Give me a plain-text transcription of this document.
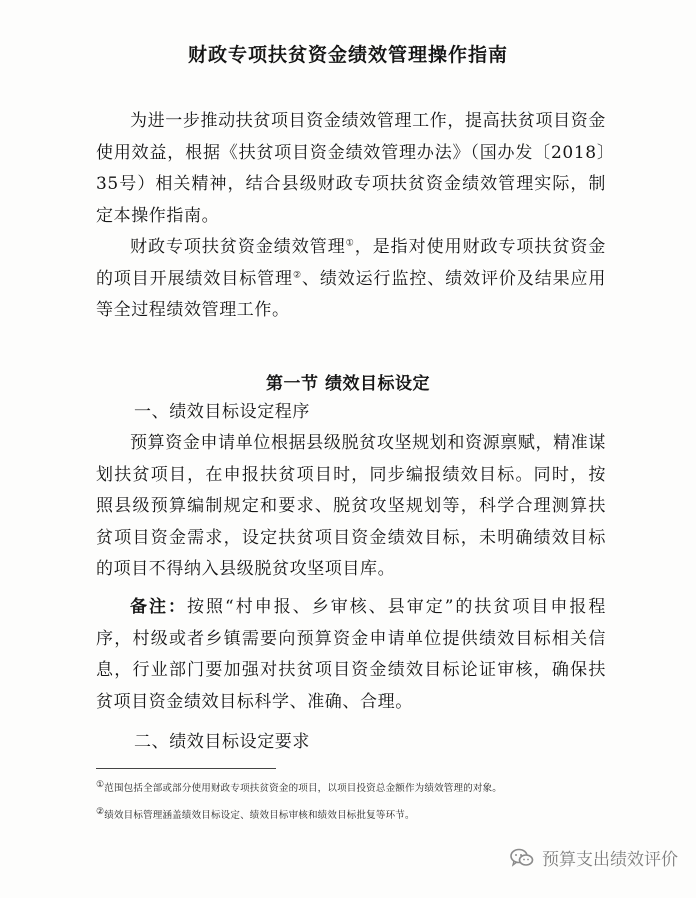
财政专项扶贫资金绩效管理操作指南

为进一步推动扶贫项目资金绩效管理工作，提高扶贫项目资金使用效益，根据《扶贫项目资金绩效管理办法》（国办发〔2018〕35号）相关精神，结合县级财政专项扶贫资金绩效管理实际，制定本操作指南。

财政专项扶贫资金绩效管理①，是指对使用财政专项扶贫资金的项目开展绩效目标管理②、绩效运行监控、绩效评价及结果应用等全过程绩效管理工作。

第一节 绩效目标设定
一、绩效目标设定程序

预算资金申请单位根据县级脱贫攻坚规划和资源禀赋，精准谋划扶贫项目，在申报扶贫项目时，同步编报绩效目标。同时，按照县级预算编制规定和要求、脱贫攻坚规划等，科学合理测算扶贫项目资金需求，设定扶贫项目资金绩效目标，未明确绩效目标的项目不得纳入县级脱贫攻坚项目库。

备注：按照“村申报、乡审核、县审定”的扶贫项目申报程序，村级或者乡镇需要向预算资金申请单位提供绩效目标相关信息，行业部门要加强对扶贫项目资金绩效目标论证审核，确保扶贫项目资金绩效目标科学、准确、合理。

二、绩效目标设定要求
①范围包括全部或部分使用财政专项扶贫资金的项目，以项目投资总金额作为绩效管理的对象。
②绩效目标管理涵盖绩效目标设定、绩效目标审核和绩效目标批复等环节。
预算支出绩效评价
